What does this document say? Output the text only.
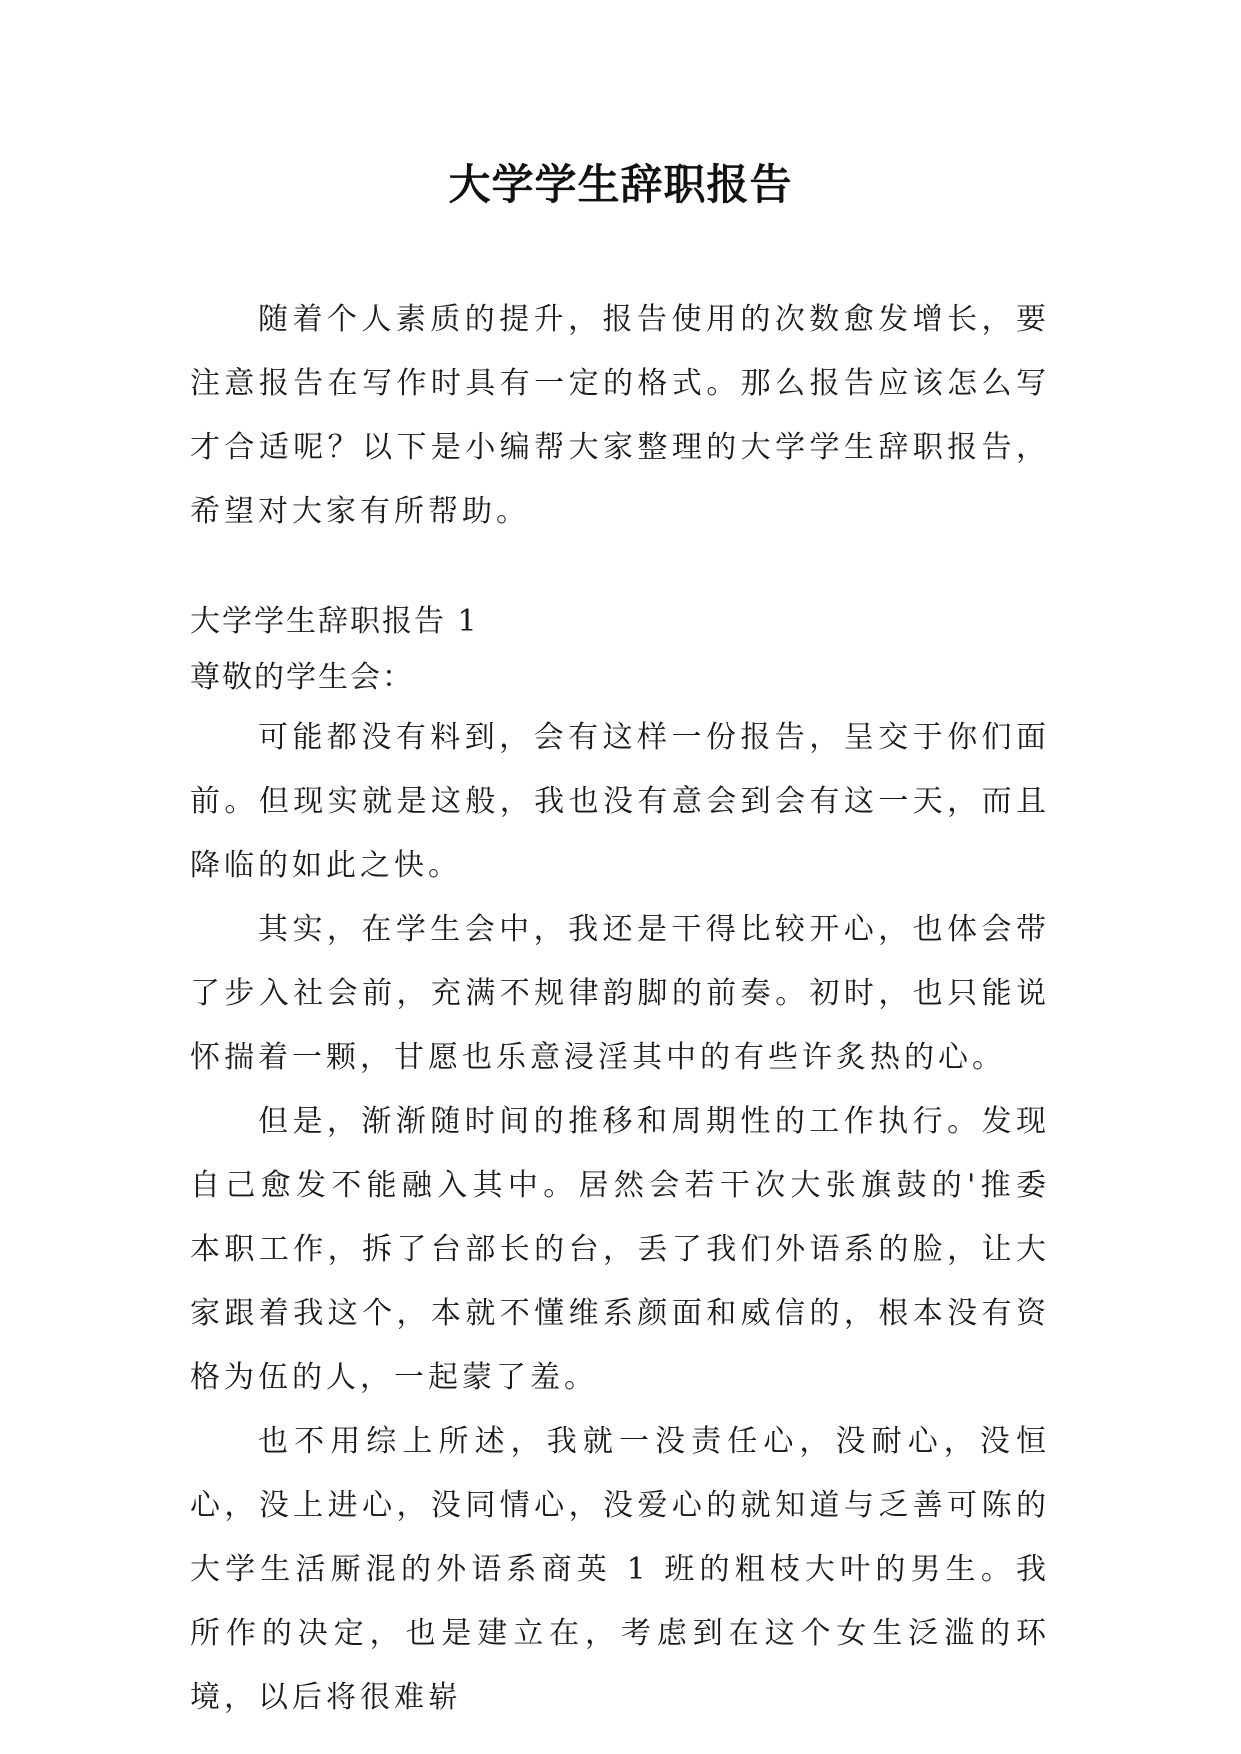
大学学生辞职报告

随着个人素质的提升，报告使用的次数愈发增长，要注意报告在写作时具有一定的格式。那么报告应该怎么写才合适呢？以下是小编帮大家整理的大学学生辞职报告，希望对大家有所帮助。

大学学生辞职报告 1

尊敬的学生会：

可能都没有料到，会有这样一份报告，呈交于你们面前。但现实就是这般，我也没有意会到会有这一天，而且降临的如此之快。

其实，在学生会中，我还是干得比较开心，也体会带了步入社会前，充满不规律韵脚的前奏。初时，也只能说怀揣着一颗，甘愿也乐意浸淫其中的有些许炙热的心。

但是，渐渐随时间的推移和周期性的工作执行。发现自己愈发不能融入其中。居然会若干次大张旗鼓的'推委本职工作，拆了台部长的台，丢了我们外语系的脸，让大家跟着我这个，本就不懂维系颜面和威信的，根本没有资格为伍的人，一起蒙了羞。

也不用综上所述，我就一没责任心，没耐心，没恒心，没上进心，没同情心，没爱心的就知道与乏善可陈的大学生活厮混的外语系商英 1 班的粗枝大叶的男生。我所作的决定，也是建立在，考虑到在这个女生泛滥的环境，以后将很难崭
